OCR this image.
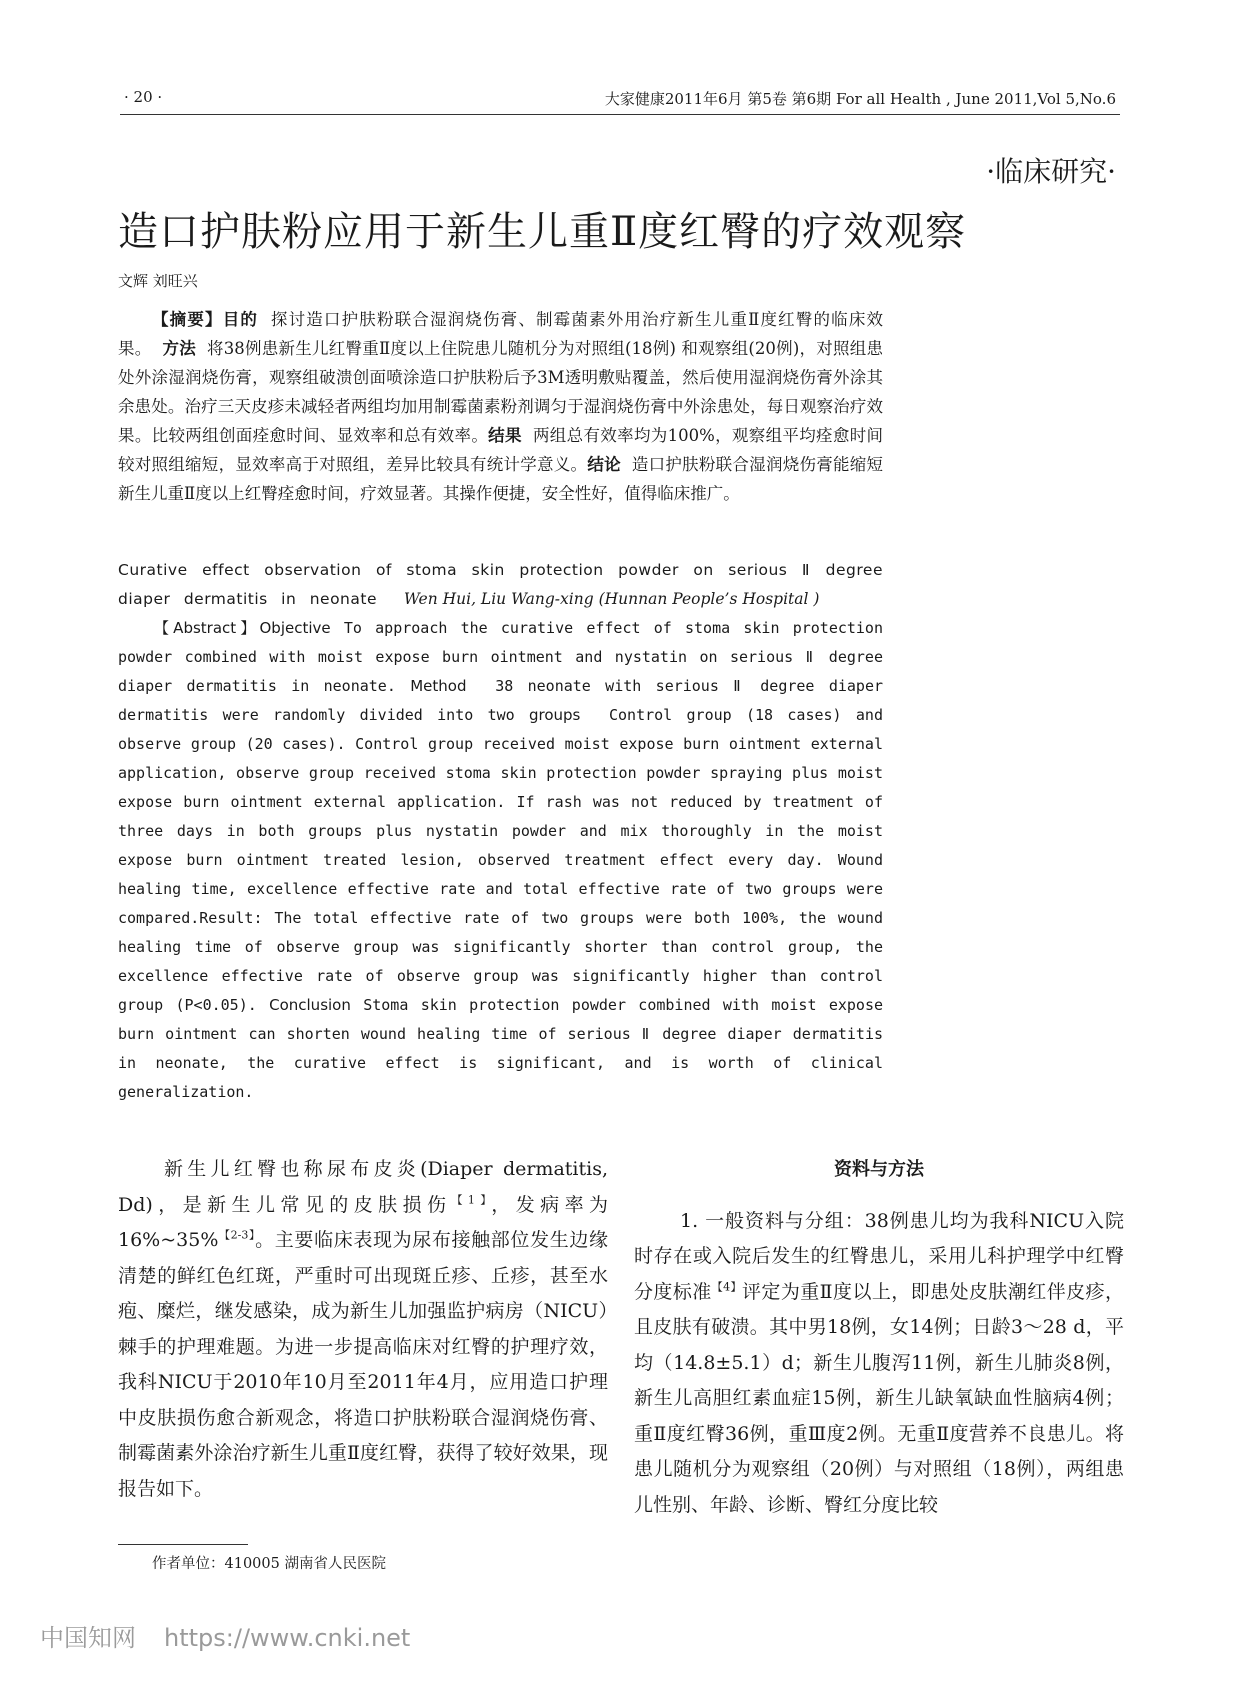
· 20 ·	大家健康2011年6月 第5卷 第6期 For all Health , June 2011,Vol 5,No.6
·临床研究·
造口护肤粉应用于新生儿重Ⅱ度红臀的疗效观察
文辉 刘旺兴

【摘要】目的 探讨造口护肤粉联合湿润烧伤膏、制霉菌素外用治疗新生儿重Ⅱ度红臀的临床效果。 方法 将38例患新生儿红臀重Ⅱ度以上住院患儿随机分为对照组(18例) 和观察组(20例)，对照组患处外涂湿润烧伤膏，观察组破溃创面喷涂造口护肤粉后予3M透明敷贴覆盖，然后使用湿润烧伤膏外涂其余患处。治疗三天皮疹未减轻者两组均加用制霉菌素粉剂调匀于湿润烧伤膏中外涂患处，每日观察治疗效果。比较两组创面痊愈时间、显效率和总有效率。结果 两组总有效率均为100%，观察组平均痊愈时间较对照组缩短，显效率高于对照组，差异比较具有统计学意义。结论 造口护肤粉联合湿润烧伤膏能缩短新生儿重Ⅱ度以上红臀痊愈时间，疗效显著。其操作便捷，安全性好，值得临床推广。

Curative effect observation of stoma skin protection powder on serious Ⅱ degree diaper dermatitis in neonate Wen Hui, Liu Wang-xing (Hunnan People’s Hospital )

【Abstract】Objective To approach the curative effect of stoma skin protection powder combined with moist expose burn ointment and nystatin on serious Ⅱ degree diaper dermatitis in neonate. Method 38 neonate with serious Ⅱ degree diaper dermatitis were randomly divided into two groups Control group (18 cases) and observe group (20 cases). Control group received moist expose burn ointment external application, observe group received stoma skin protection powder spraying plus moist expose burn ointment external application. If rash was not reduced by treatment of three days in both groups plus nystatin powder and mix thoroughly in the moist expose burn ointment treated lesion, observed treatment effect every day. Wound healing time, excellence effective rate and total effective rate of two groups were compared.Result: The total effective rate of two groups were both 100%, the wound healing time of observe group was significantly shorter than control group, the excellence effective rate of observe group was significantly higher than control group (P<0.05). Conclusion Stoma skin protection powder combined with moist expose burn ointment can shorten wound healing time of serious Ⅱ degree diaper dermatitis in neonate, the curative effect is significant, and is worth of clinical generalization.

新生儿红臀也称尿布皮炎(Diaper dermatitis, Dd)，是新生儿常见的皮肤损伤$^{【1】}$，发病率为16%~35%$^{【2-3】}$。主要临床表现为尿布接触部位发生边缘清楚的鲜红色红斑，严重时可出现斑丘疹、丘疹，甚至水疱、糜烂，继发感染，成为新生儿加强监护病房（NICU）棘手的护理难题。为进一步提高临床对红臀的护理疗效，我科NICU于2010年10月至2011年4月，应用造口护理中皮肤损伤愈合新观念，将造口护肤粉联合湿润烧伤膏、制霉菌素外涂治疗新生儿重Ⅱ度红臀，获得了较好效果，现报告如下。

资料与方法

1. 一般资料与分组：38例患儿均为我科NICU入院时存在或入院后发生的红臀患儿，采用儿科护理学中红臀分度标准$^{【4】}$评定为重Ⅱ度以上，即患处皮肤潮红伴皮疹，且皮肤有破溃。其中男18例，女14例；日龄3～28 d，平均（14.8±5.1）d；新生儿腹泻11例，新生儿肺炎8例，新生儿高胆红素血症15例，新生儿缺氧缺血性脑病4例；重Ⅱ度红臀36例，重Ⅲ度2例。无重Ⅱ度营养不良患儿。将患儿随机分为观察组（20例）与对照组（18例），两组患儿性别、年龄、诊断、臀红分度比较

作者单位：410005 湖南省人民医院
中国知网 https://www.cnki.net
